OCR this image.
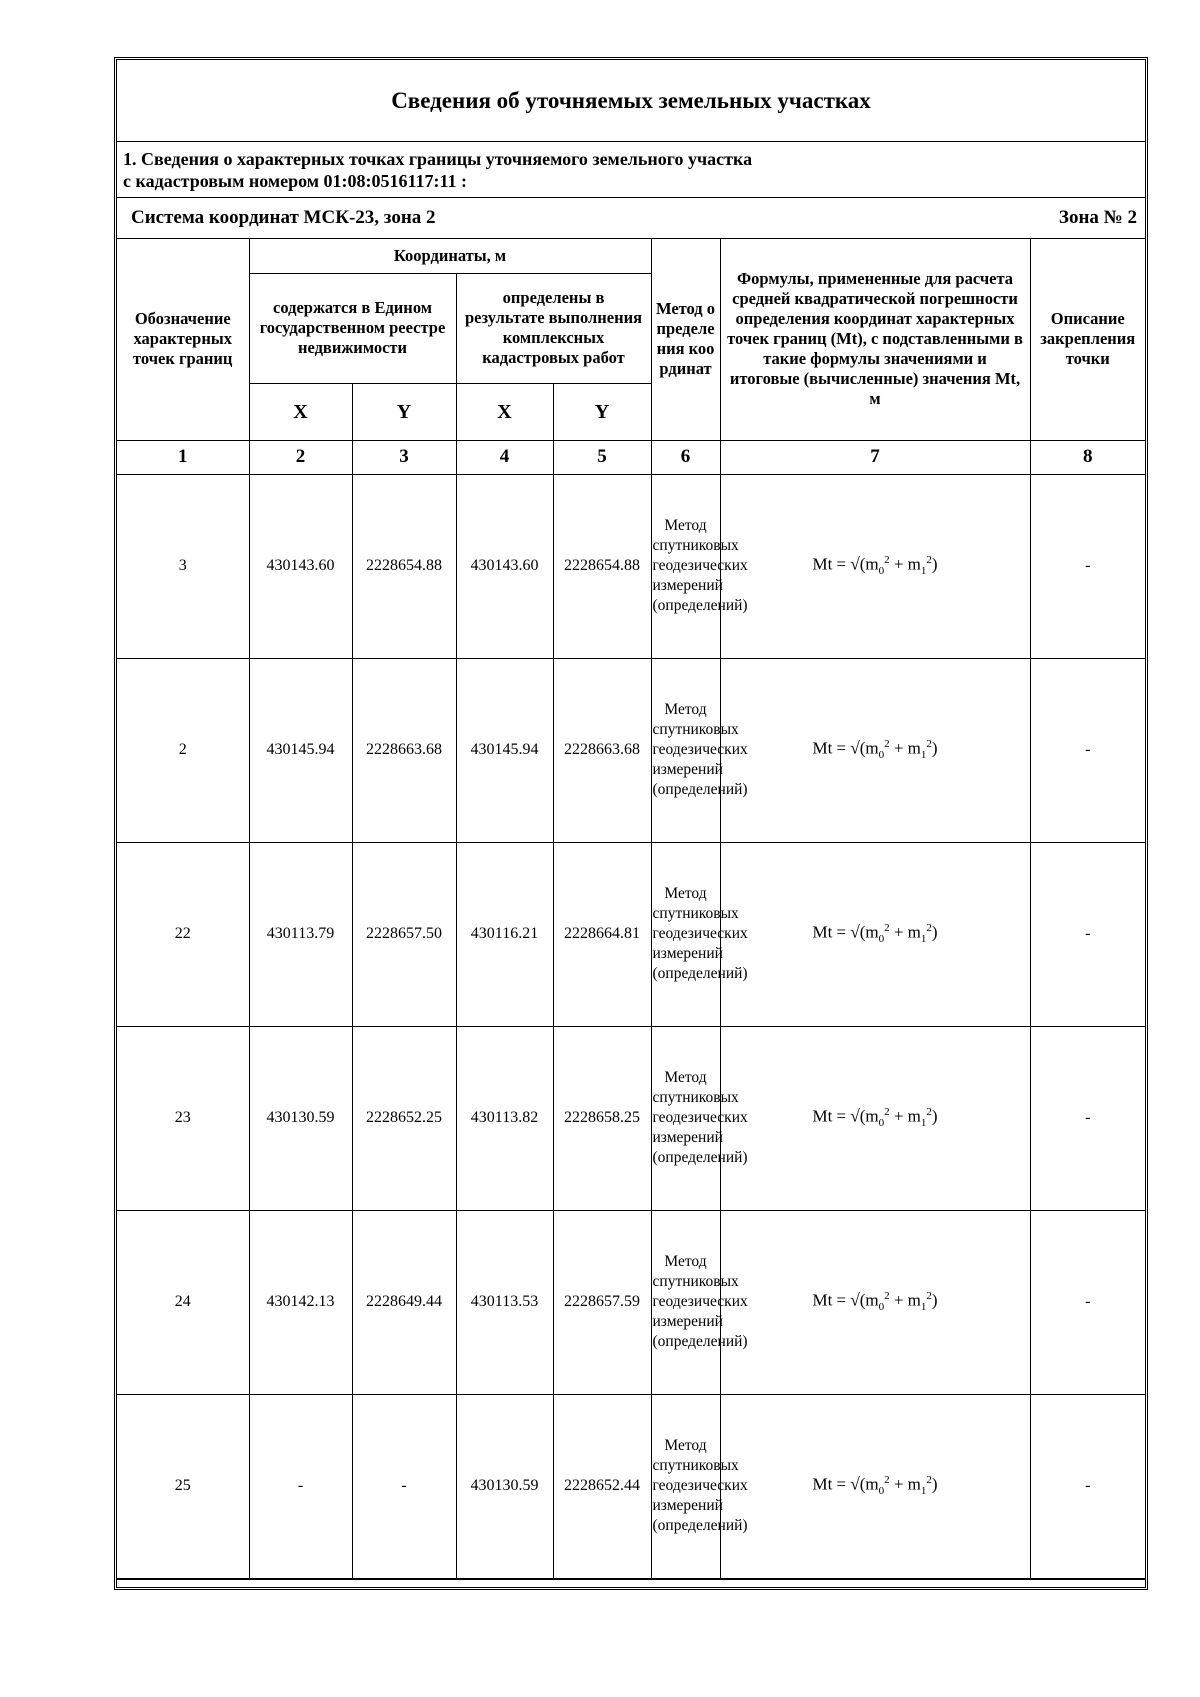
Сведения об уточняемых земельных участках
1. Сведения о характерных точках границы уточняемого земельного участка
с кадастровым номером 01:08:0516117:11 :
Система координат МСК-23, зона 2	Зона № 2
Обозначение характерных точек границ	Координаты, м				Метод определения координат	Формулы, примененные для расчета средней квадратической погрешности определения координат характерных точек границ (Mt), с подставленными в такие формулы значениями и итоговые (вычисленные) значения Mt, м	Описание закрепления точки
	содержатся в Едином государственном реестре недвижимости		определены в результате выполнения комплексных кадастровых работ				
	X	Y	X	Y			
1	2	3	4	5	6	7	8
3	430143.60	2228654.88	430143.60	2228654.88	Метод спутниковых геодезических измерений (определений)	$Mt = √(m_0^2 + m_1^2)$	-
2	430145.94	2228663.68	430145.94	2228663.68	Метод спутниковых геодезических измерений (определений)	$Mt = √(m_0^2 + m_1^2)$	-
22	430113.79	2228657.50	430116.21	2228664.81	Метод спутниковых геодезических измерений (определений)	$Mt = √(m_0^2 + m_1^2)$	-
23	430130.59	2228652.25	430113.82	2228658.25	Метод спутниковых геодезических измерений (определений)	$Mt = √(m_0^2 + m_1^2)$	-
24	430142.13	2228649.44	430113.53	2228657.59	Метод спутниковых геодезических измерений (определений)	$Mt = √(m_0^2 + m_1^2)$	-
25	-	-	430130.59	2228652.44	Метод спутниковых геодезических измерений (определений)	$Mt = √(m_0^2 + m_1^2)$	-
